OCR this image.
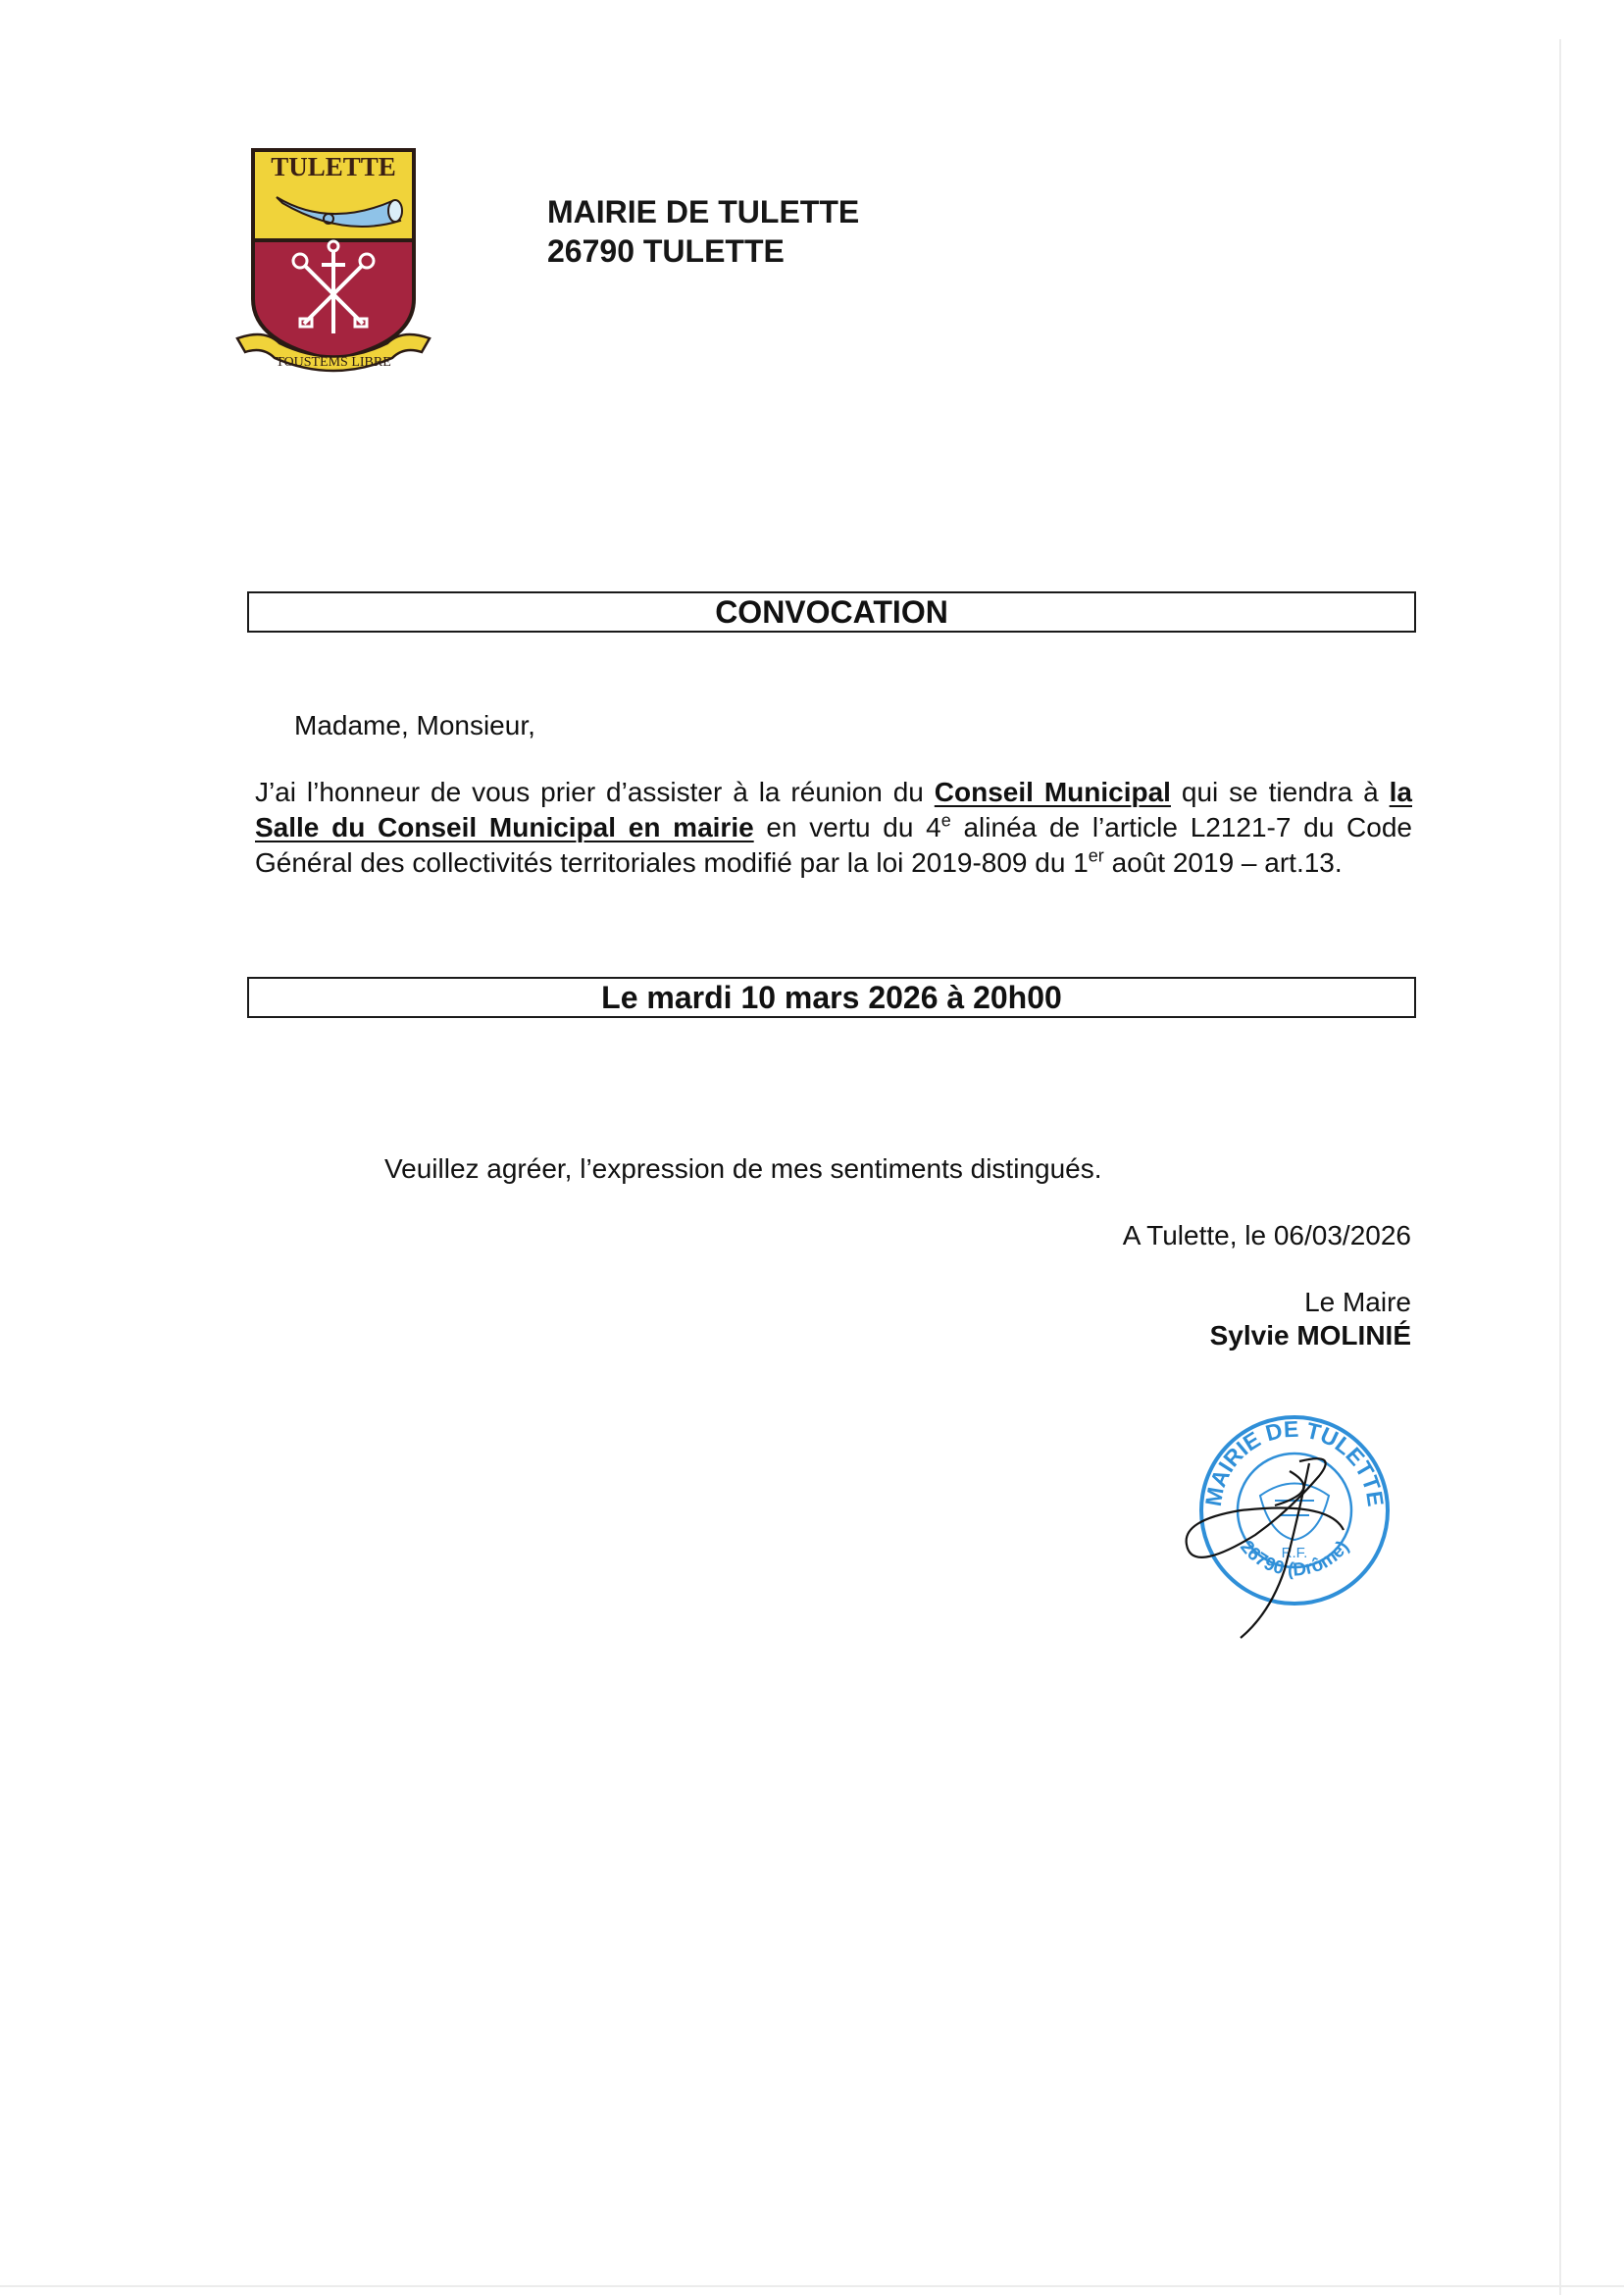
TULETTE
TOUSTEMS LIBRE
MAIRIE DE TULETTE
26790 TULETTE
CONVOCATION
Madame, Monsieur,
J’ai l’honneur de vous prier d’assister à la réunion du Conseil Municipal qui se tiendra à la Salle du Conseil Municipal en mairie en vertu du 4e alinéa de l’article L2121-7 du Code Général des collectivités territoriales modifié par la loi 2019-809 du 1er août 2019 – art.13.
Le mardi 10 mars 2026 à 20h00
Veuillez agréer, l’expression de mes sentiments distingués.
A Tulette, le 06/03/2026
Le Maire
Sylvie MOLINIÉ
MAIRIE DE TULETTE
26790 (Drôme)
R.F.
